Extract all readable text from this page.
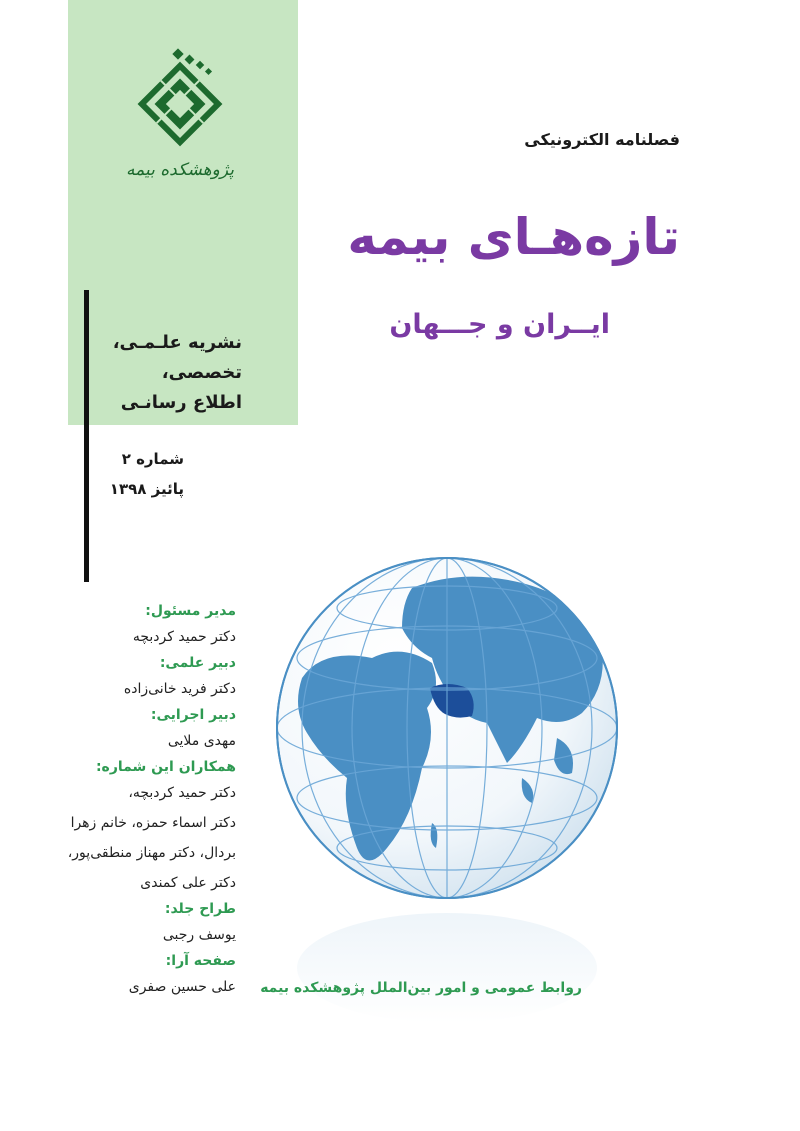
پژوهشکده بیمه
نشریه علـمـی،
تخصصی،
اطلاع رسانـی
شماره ۲
پائیز ۱۳۹۸
فصلنامه الکترونیکی
تازه‌هـای بیمه
ایــران و جـــهان
مدیر مسئول:
دکتر حمید کردبچه
دبیر علمی:
دکتر فرید خانی‌زاده
دبیر اجرایی:
مهدی ملایی
همکاران این شماره:
دکتر حمید کردبچه،
دکتر اسماء حمزه، خانم زهرا
بردال، دکتر مهناز منطقی‌پور،
دکتر علی کمندی
طراح جلد:
یوسف رجبی
صفحه آرا:
علی حسین صفری روابط عمومی و امور بین‌الملل پژوهشکده بیمه
